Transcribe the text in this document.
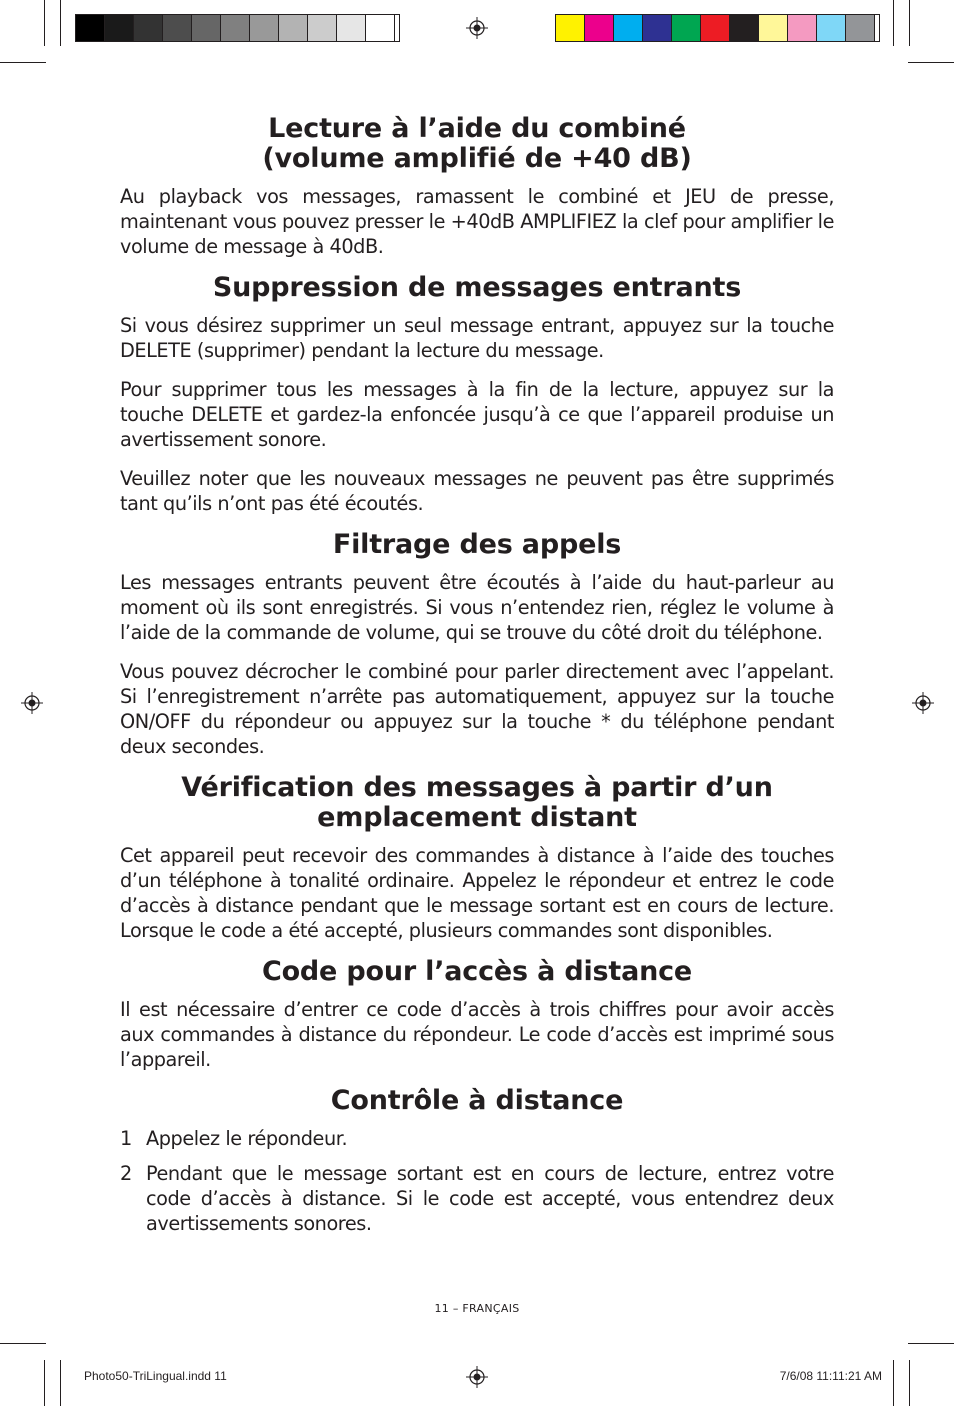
Lecture à l’aide du combiné
(volume amplifié de +40 dB)

Au playback vos messages, ramassent le combiné et JEU de presse, maintenant vous pouvez presser le +40dB AMPLIFIEZ la clef pour amplifier le volume de message à 40dB.

Suppression de messages entrants

Si vous désirez supprimer un seul message entrant, appuyez sur la touche DELETE (supprimer) pendant la lecture du message.

Pour supprimer tous les messages à la fin de la lecture, appuyez sur la touche DELETE et gardez-la enfoncée jusqu’à ce que l’appareil produise un avertissement sonore.

Veuillez noter que les nouveaux messages ne peuvent pas être supprimés tant qu’ils n’ont pas été écoutés.

Filtrage des appels

Les messages entrants peuvent être écoutés à l’aide du haut-parleur au moment où ils sont enregistrés. Si vous n’entendez rien, réglez le volume à l’aide de la commande de volume, qui se trouve du côté droit du téléphone.

Vous pouvez décrocher le combiné pour parler directement avec l’appelant. Si l’enregistrement n’arrête pas automatiquement, appuyez sur la touche ON/OFF du répondeur ou appuyez sur la touche * du téléphone pendant deux secondes.

Vérification des messages à partir d’un
emplacement distant

Cet appareil peut recevoir des commandes à distance à l’aide des touches d’un téléphone à tonalité ordinaire. Appelez le répondeur et entrez le code d’accès à distance pendant que le message sortant est en cours de lecture. Lorsque le code a été accepté, plusieurs commandes sont disponibles.

Code pour l’accès à distance

Il est nécessaire d’entrer ce code d’accès à trois chiffres pour avoir accès aux commandes à distance du répondeur. Le code d’accès est imprimé sous l’appareil.

Contrôle à distance
1 Appelez le répondeur.
2 Pendant que le message sortant est en cours de lecture, entrez votre code d’accès à distance. Si le code est accepté, vous entendrez deux avertissements sonores.
11 – FRANÇAIS
Photo50-TriLingual.indd 11	7/6/08 11:11:21 AM
